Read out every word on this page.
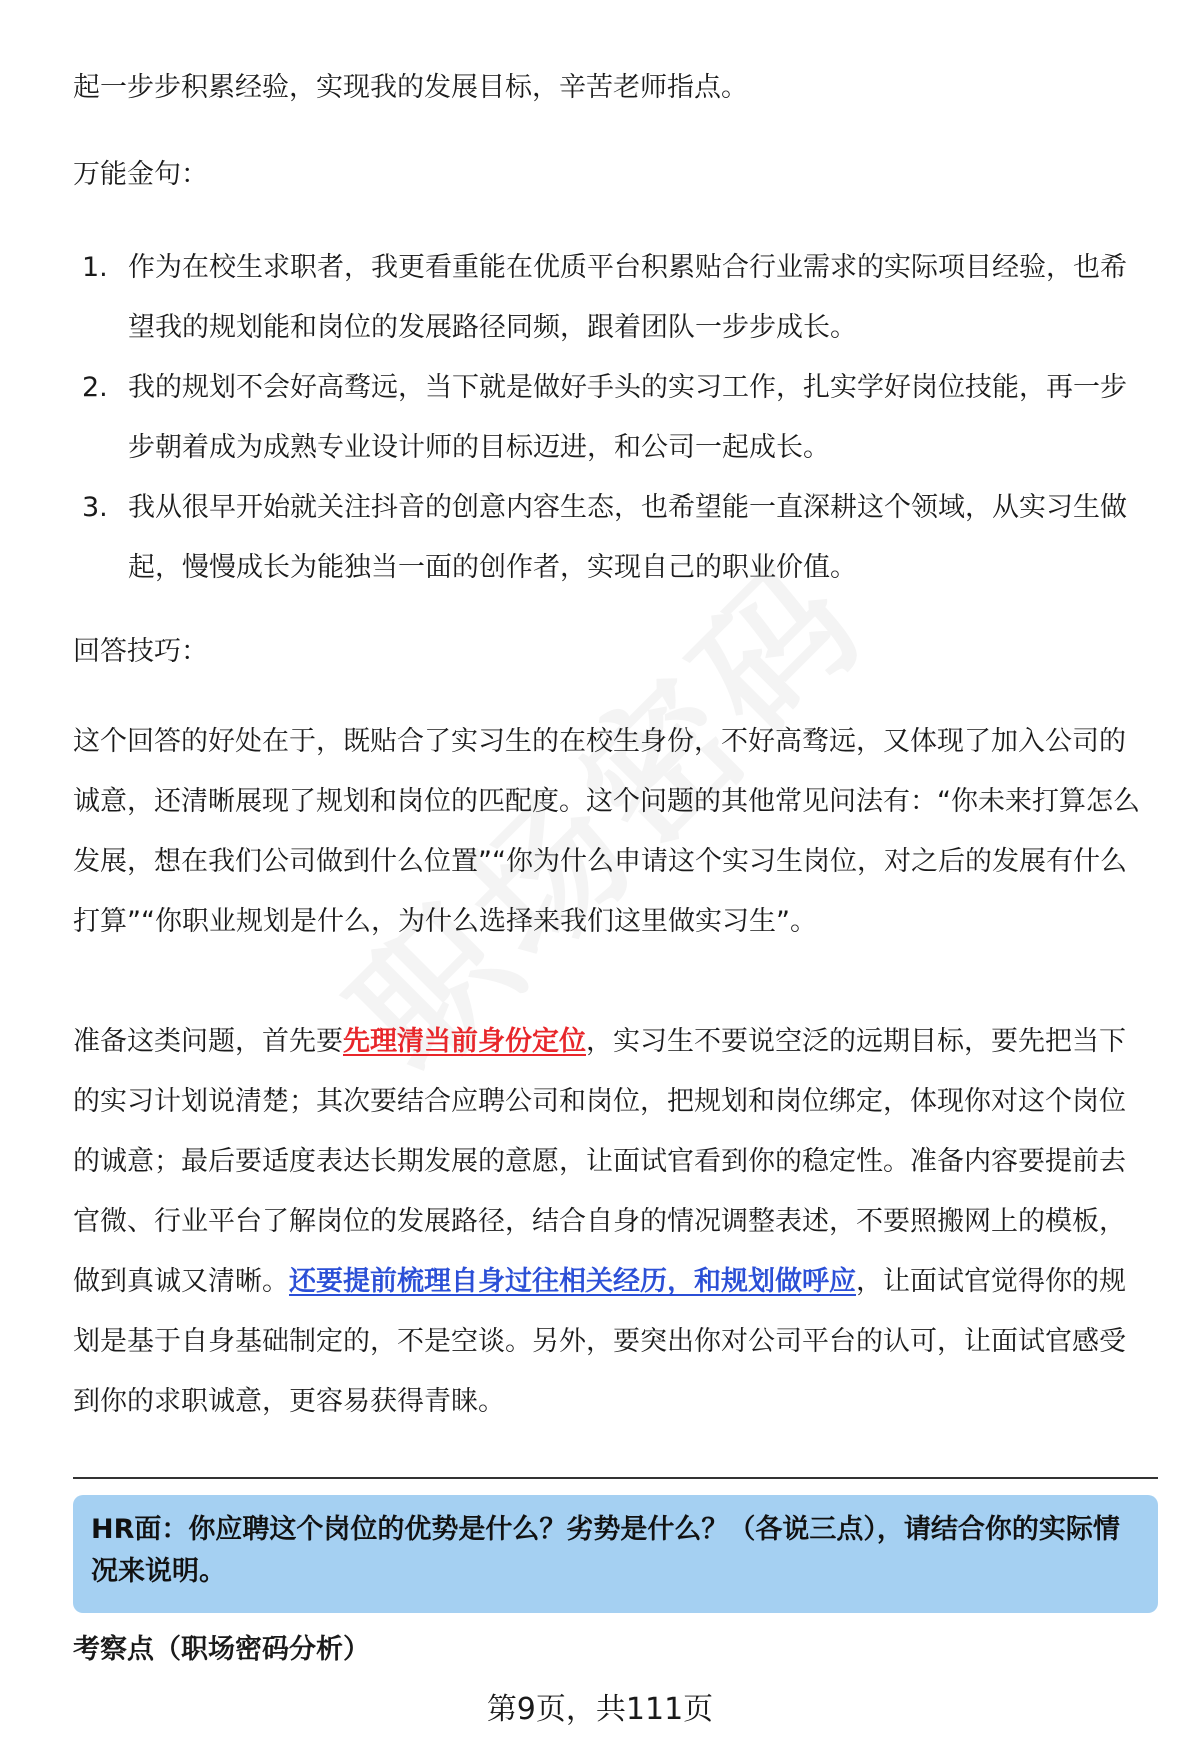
起一步步积累经验，实现我的发展目标，辛苦老师指点。

万能金句：

1. 作为在校生求职者，我更看重能在优质平台积累贴合行业需求的实际项目经验，也希望我的规划能和岗位的发展路径同频，跟着团队一步步成长。
2. 我的规划不会好高骛远，当下就是做好手头的实习工作，扎实学好岗位技能，再一步步朝着成为成熟专业设计师的目标迈进，和公司一起成长。
3. 我从很早开始就关注抖音的创意内容生态，也希望能一直深耕这个领域，从实习生做起，慢慢成长为能独当一面的创作者，实现自己的职业价值。

回答技巧：

这个回答的好处在于，既贴合了实习生的在校生身份，不好高骛远，又体现了加入公司的诚意，还清晰展现了规划和岗位的匹配度。这个问题的其他常见问法有：“你未来打算怎么发展，想在我们公司做到什么位置”“你为什么申请这个实习生岗位，对之后的发展有什么打算”“你职业规划是什么，为什么选择来我们这里做实习生”。

准备这类问题，首先要先理清当前身份定位，实习生不要说空泛的远期目标，要先把当下的实习计划说清楚；其次要结合应聘公司和岗位，把规划和岗位绑定，体现你对这个岗位的诚意；最后要适度表达长期发展的意愿，让面试官看到你的稳定性。准备内容要提前去官微、行业平台了解岗位的发展路径，结合自身的情况调整表述，不要照搬网上的模板，做到真诚又清晰。还要提前梳理自身过往相关经历，和规划做呼应，让面试官觉得你的规划是基于自身基础制定的，不是空谈。另外，要突出你对公司平台的认可，让面试官感受到你的求职诚意，更容易获得青睐。

HR面：你应聘这个岗位的优势是什么？劣势是什么？（各说三点），请结合你的实际情况来说明。

考察点（职场密码分析）

第9页，共111页
